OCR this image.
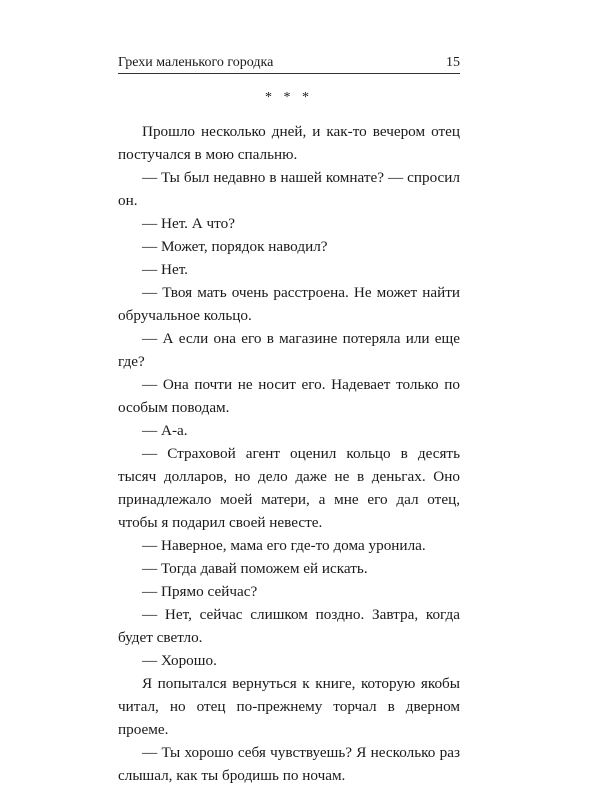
Грехи маленького городка	15
* * *

Прошло несколько дней, и как-то вечером отец постучался в мою спальню.

— Ты был недавно в нашей комнате? — спросил он.

— Нет. А что?

— Может, порядок наводил?

— Нет.

— Твоя мать очень расстроена. Не может найти обручальное кольцо.

— А если она его в магазине потеряла или еще где?

— Она почти не носит его. Надевает только по особым поводам.

— А-а.

— Страховой агент оценил кольцо в десять тысяч долларов, но дело даже не в деньгах. Оно принадлежало моей матери, а мне его дал отец, чтобы я подарил своей невесте.

— Наверное, мама его где-то дома уронила.

— Тогда давай поможем ей искать.

— Прямо сейчас?

— Нет, сейчас слишком поздно. Завтра, когда будет светло.

— Хорошо.

Я попытался вернуться к книге, которую якобы читал, но отец по-прежнему торчал в дверном проеме.

— Ты хорошо себя чувствуешь? Я несколько раз слышал, как ты бродишь по ночам.
